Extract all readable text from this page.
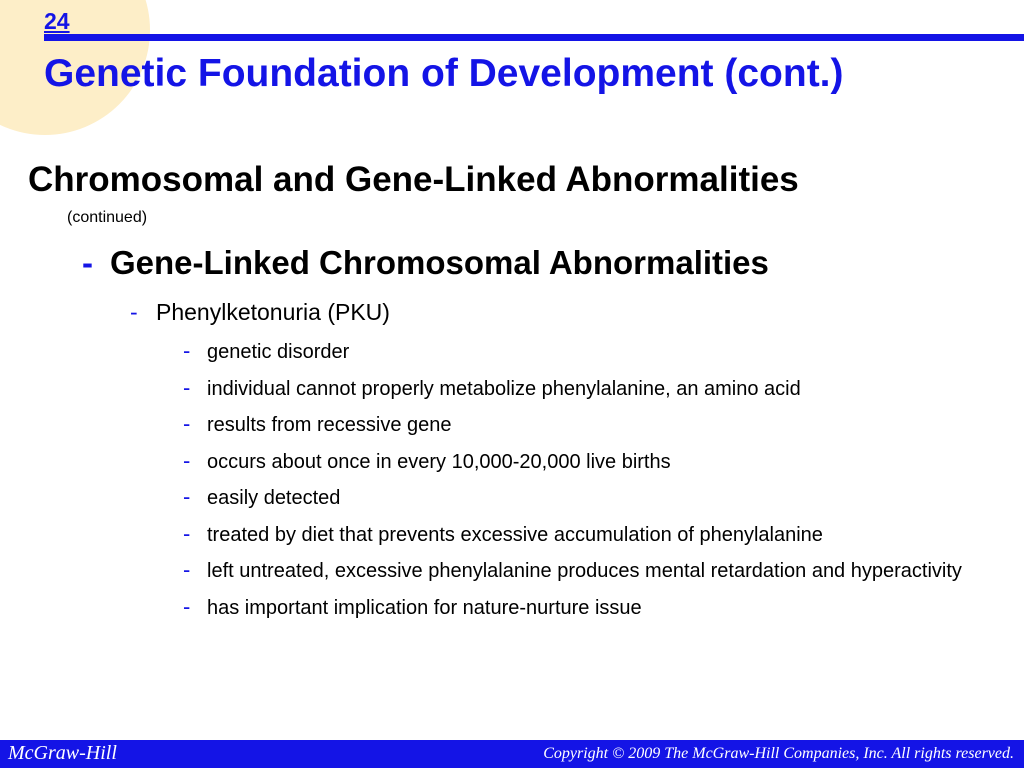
24
Genetic Foundation of Development (cont.)
Chromosomal and Gene-Linked Abnormalities
(continued)
- Gene-Linked Chromosomal Abnormalities
- Phenylketonuria (PKU)
- genetic disorder
- individual cannot properly metabolize phenylalanine, an amino acid
- results from recessive gene
- occurs about once in every 10,000-20,000 live births
- easily detected
- treated by diet that prevents excessive accumulation of phenylalanine
- left untreated, excessive phenylalanine produces mental retardation and hyperactivity
- has important implication for nature-nurture issue
McGraw-Hill	Copyright © 2009 The McGraw-Hill Companies, Inc. All rights reserved.
